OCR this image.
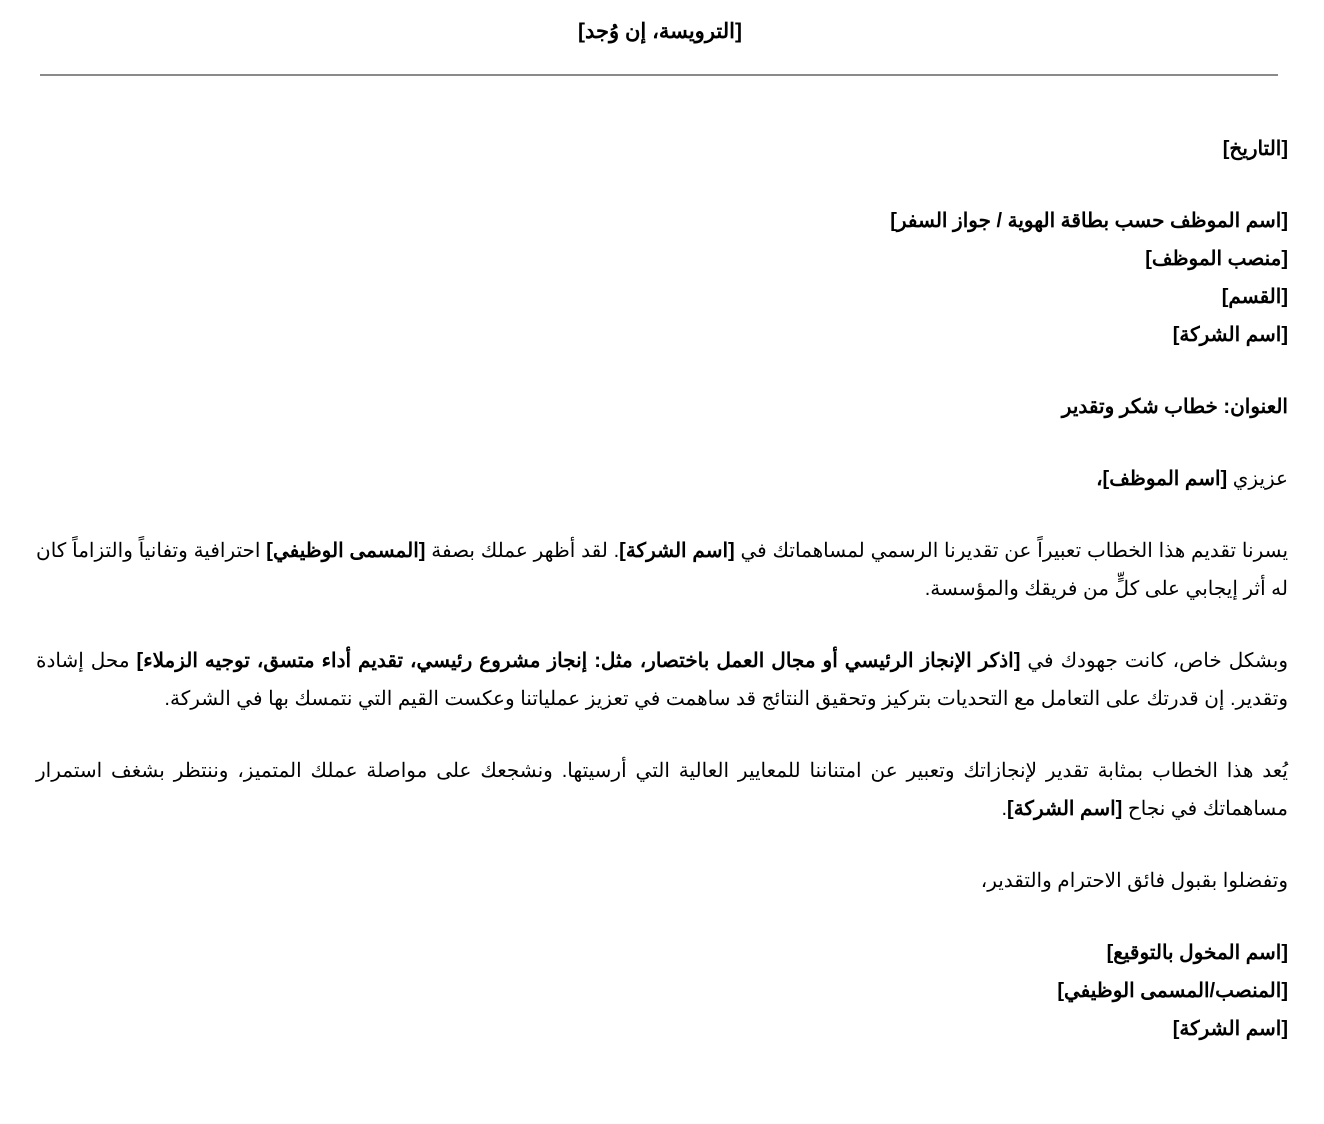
[الترويسة، إن وُجد]
[التاريخ]
[اسم الموظف حسب بطاقة الهوية / جواز السفر]
[منصب الموظف]
[القسم]
[اسم الشركة]
العنوان: خطاب شكر وتقدير
عزيزي [اسم الموظف]،
يسرنا تقديم هذا الخطاب تعبيراً عن تقديرنا الرسمي لمساهماتك في [اسم الشركة]. لقد أظهر عملك بصفة [المسمى الوظيفي] احترافية وتفانياً والتزاماً كان له أثر إيجابي على كلٍّ من فريقك والمؤسسة.
وبشكل خاص، كانت جهودك في [اذكر الإنجاز الرئيسي أو مجال العمل باختصار، مثل: إنجاز مشروع رئيسي، تقديم أداء متسق، توجيه الزملاء] محل إشادة وتقدير. إن قدرتك على التعامل مع التحديات بتركيز وتحقيق النتائج قد ساهمت في تعزيز عملياتنا وعكست القيم التي نتمسك بها في الشركة.
يُعد هذا الخطاب بمثابة تقدير لإنجازاتك وتعبير عن امتناننا للمعايير العالية التي أرسيتها. ونشجعك على مواصلة عملك المتميز، وننتظر بشغف استمرار مساهماتك في نجاح [اسم الشركة].
وتفضلوا بقبول فائق الاحترام والتقدير،
[اسم المخول بالتوقيع]
[المنصب/المسمى الوظيفي]
[اسم الشركة]
